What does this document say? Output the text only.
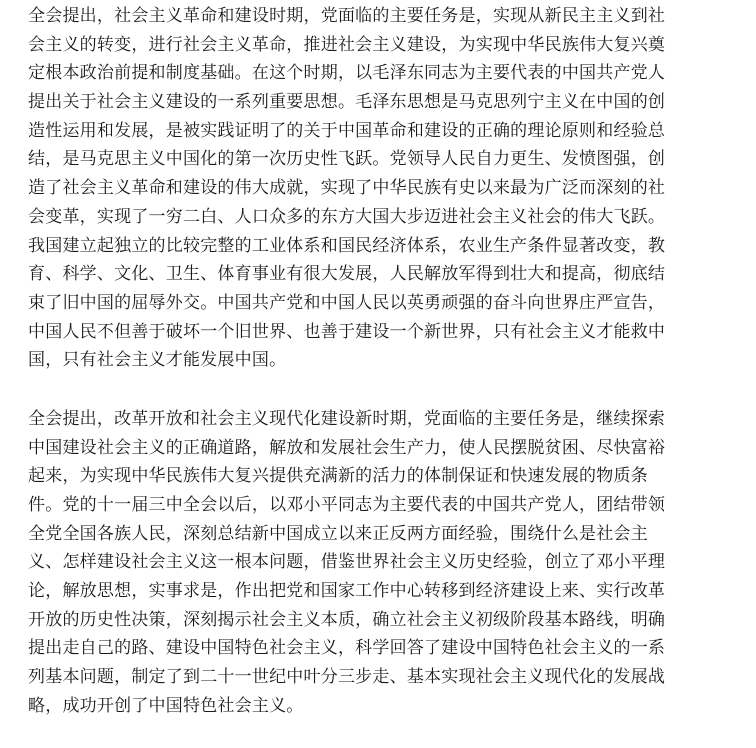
全会提出，社会主义革命和建设时期，党面临的主要任务是，实现从新民主主义到社
会主义的转变，进行社会主义革命，推进社会主义建设，为实现中华民族伟大复兴奠
定根本政治前提和制度基础。在这个时期，以毛泽东同志为主要代表的中国共产党人
提出关于社会主义建设的一系列重要思想。毛泽东思想是马克思列宁主义在中国的创
造性运用和发展，是被实践证明了的关于中国革命和建设的正确的理论原则和经验总
结，是马克思主义中国化的第一次历史性飞跃。党领导人民自力更生、发愤图强，创
造了社会主义革命和建设的伟大成就，实现了中华民族有史以来最为广泛而深刻的社
会变革，实现了一穷二白、人口众多的东方大国大步迈进社会主义社会的伟大飞跃。
我国建立起独立的比较完整的工业体系和国民经济体系，农业生产条件显著改变，教
育、科学、文化、卫生、体育事业有很大发展，人民解放军得到壮大和提高，彻底结
束了旧中国的屈辱外交。中国共产党和中国人民以英勇顽强的奋斗向世界庄严宣告，
中国人民不但善于破坏一个旧世界、也善于建设一个新世界，只有社会主义才能救中
国，只有社会主义才能发展中国。
全会提出，改革开放和社会主义现代化建设新时期，党面临的主要任务是，继续探索
中国建设社会主义的正确道路，解放和发展社会生产力，使人民摆脱贫困、尽快富裕
起来，为实现中华民族伟大复兴提供充满新的活力的体制保证和快速发展的物质条
件。党的十一届三中全会以后，以邓小平同志为主要代表的中国共产党人，团结带领
全党全国各族人民，深刻总结新中国成立以来正反两方面经验，围绕什么是社会主
义、怎样建设社会主义这一根本问题，借鉴世界社会主义历史经验，创立了邓小平理
论，解放思想，实事求是，作出把党和国家工作中心转移到经济建设上来、实行改革
开放的历史性决策，深刻揭示社会主义本质，确立社会主义初级阶段基本路线，明确
提出走自己的路、建设中国特色社会主义，科学回答了建设中国特色社会主义的一系
列基本问题，制定了到二十一世纪中叶分三步走、基本实现社会主义现代化的发展战
略，成功开创了中国特色社会主义。
